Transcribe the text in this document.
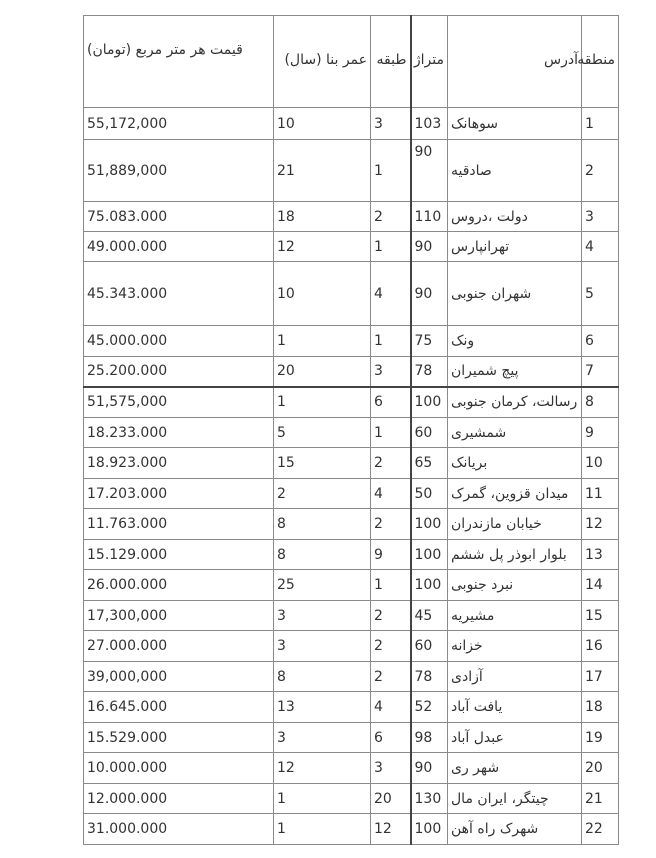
منطقه	آدرس	متراژ	طبقه	عمر بنا (سال)	قیمت هر متر مربع (تومان)
1	سوهانک	103	3	10	55,172,000
2	صادقیه	90	1	21	51,889,000
3	دولت ،دروس	110	2	18	75.083.000
4	تهرانپارس	90	1	12	49.000.000
5	شهران جنوبی	90	4	10	45.343.000
6	ونک	75	1	1	45.000.000
7	پیچ شمیران	78	3	20	25.200.000
8	رسالت، کرمان جنوبی	100	6	1	51,575,000
9	شمشیری	60	1	5	18.233.000
10	بریانک	65	2	15	18.923.000
11	میدان قزوین، گمرک	50	4	2	17.203.000
12	خیابان مازندران	100	2	8	11.763.000
13	بلوار ابوذر پل ششم	100	9	8	15.129.000
14	نبرد جنوبی	100	1	25	26.000.000
15	مشیریه	45	2	3	17,300,000
16	خزانه	60	2	3	27.000.000
17	آزادی	78	2	8	39,000,000
18	یافت آباد	52	4	13	16.645.000
19	عبدل آباد	98	6	3	15.529.000
20	شهر ری	90	3	12	10.000.000
21	چیتگر، ایران مال	130	20	1	12.000.000
22	شهرک راه آهن	100	12	1	31.000.000
